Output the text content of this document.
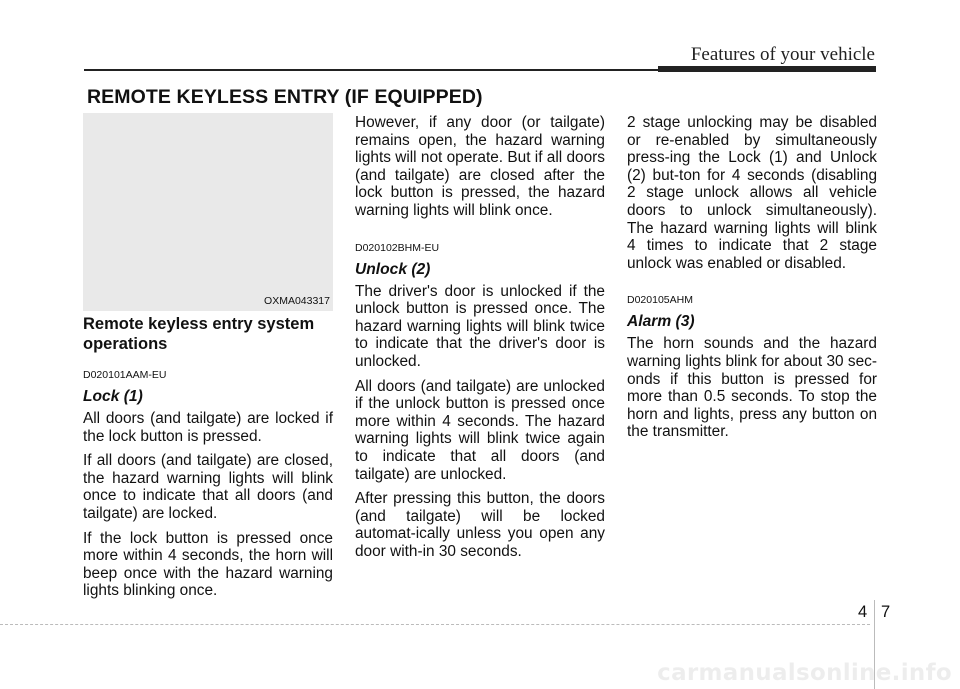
Features of your vehicle
REMOTE KEYLESS ENTRY (IF EQUIPPED)
OXMA043317
Remote keyless entry system operations
D020101AAM-EU
Lock (1)

All doors (and tailgate) are locked if the lock button is pressed.

If all doors (and tailgate) are closed, the hazard warning lights will blink once to indicate that all doors (and tailgate) are locked.

If the lock button is pressed once more within 4 seconds, the horn will beep once with the hazard warning lights blinking once.

However, if any door (or tailgate) remains open, the hazard warning lights will not operate. But if all doors (and tailgate) are closed after the lock button is pressed, the hazard warning lights will blink once.

D020102BHM-EU
Unlock (2)

The driver's door is unlocked if the unlock button is pressed once. The hazard warning lights will blink twice to indicate that the driver's door is unlocked.

All doors (and tailgate) are unlocked if the unlock button is pressed once more within 4 seconds. The hazard warning lights will blink twice again to indicate that all doors (and tailgate) are unlocked.

After pressing this button, the doors (and tailgate) will be locked automat-ically unless you open any door with-in 30 seconds.

2 stage unlocking may be disabled or re-enabled by simultaneously press-ing the Lock (1) and Unlock (2) but-ton for 4 seconds (disabling 2 stage unlock allows all vehicle doors to unlock simultaneously). The hazard warning lights will blink 4 times to indicate that 2 stage unlock was enabled or disabled.

D020105AHM
Alarm (3)

The horn sounds and the hazard warning lights blink for about 30 sec-onds if this button is pressed for more than 0.5 seconds. To stop the horn and lights, press any button on the transmitter.

4 7
carmanualsonline.info
